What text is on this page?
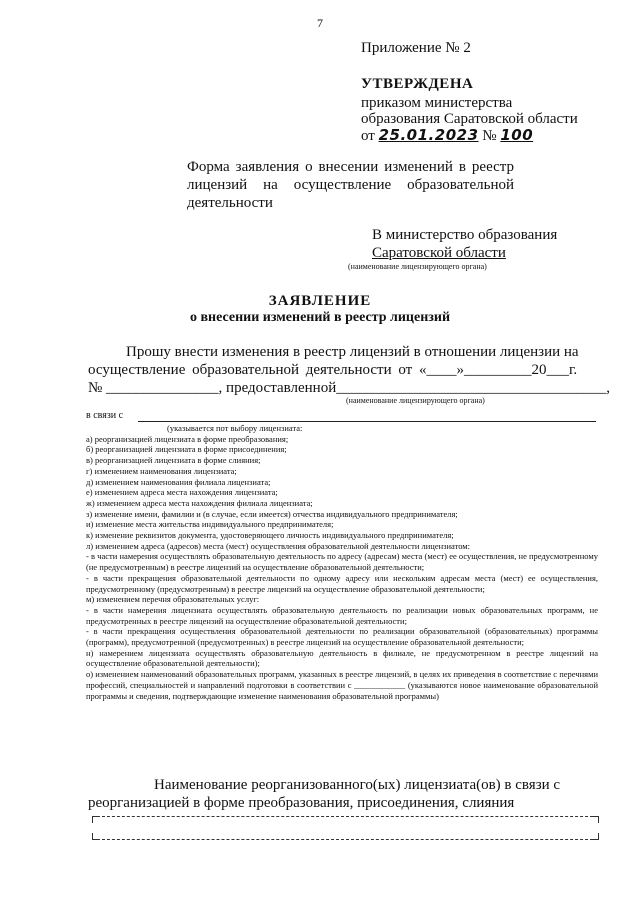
7
Приложение № 2
УТВЕРЖДЕНА
приказом министерства
образования Саратовской области
от 25.01.2023 № 100
Форма заявления о внесении изменений в реестр лицензий на осуществление образовательной деятельности
В министерство образования
Саратовской области
(наименование лицензирующего органа)
ЗАЯВЛЕНИЕ
о внесении изменений в реестр лицензий
Прошу внести изменения в реестр лицензий в отношении лицензии на
осуществление образовательной деятельности от «____»_________20___г.
№ _______________, предоставленной____________________________________,
(наименование лицензирующего органа)
в связи с
(указывается пот выбору лицензиата:
а) реорганизацией лицензиата в форме преобразования;
б) реорганизацией лицензиата в форме присоединения;
в) реорганизацией лицензиата в форме слияния;
г) изменением наименования лицензиата;
д) изменением наименования филиала лицензиата;
е) изменением адреса места нахождения лицензиата;
ж) изменением адреса места нахождения филиала лицензиата;
з) изменение имени, фамилии и (в случае, если имеется) отчества индивидуального предпринимателя;
и) изменение места жительства индивидуального предпринимателя;
к) изменение реквизитов документа, удостоверяющего личность индивидуального предпринимателя;
л) изменением адреса (адресов) места (мест) осуществления образовательной деятельности лицензиатом:
- в части намерения осуществлять образовательную деятельность по адресу (адресам) места (мест) ее осуществления, не предусмотренному (не предусмотренным) в реестре лицензий на осуществление образовательной деятельности;
- в части прекращения образовательной деятельности по одному адресу или нескольким адресам места (мест) ее осуществления, предусмотренному (предусмотренным) в реестре лицензий на осуществление образовательной деятельности;
м) изменением перечня образовательных услуг:
- в части намерения лицензиата осуществлять образовательную деятельность по реализации новых образовательных программ, не предусмотренных в реестре лицензий на осуществление образовательной деятельности;
- в части прекращения осуществления образовательной деятельности по реализации образовательной (образовательных) программы (программ), предусмотренной (предусмотренных) в реестре лицензий на осуществление образовательной деятельности;
н) намерением лицензиата осуществлять образовательную деятельность в филиале, не предусмотренном в реестре лицензий на осуществление образовательной деятельности);
о) изменением наименований образовательных программ, указанных в реестре лицензий, в целях их приведения в соответствие с перечнями профессий, специальностей и направлений подготовки в соответствии с ____________ (указываются новое наименование образовательной программы и сведения, подтверждающие изменение наименования образовательной программы)
Наименование реорганизованного(ых) лицензиата(ов) в связи с
реорганизацией в форме преобразования, присоединения, слияния
